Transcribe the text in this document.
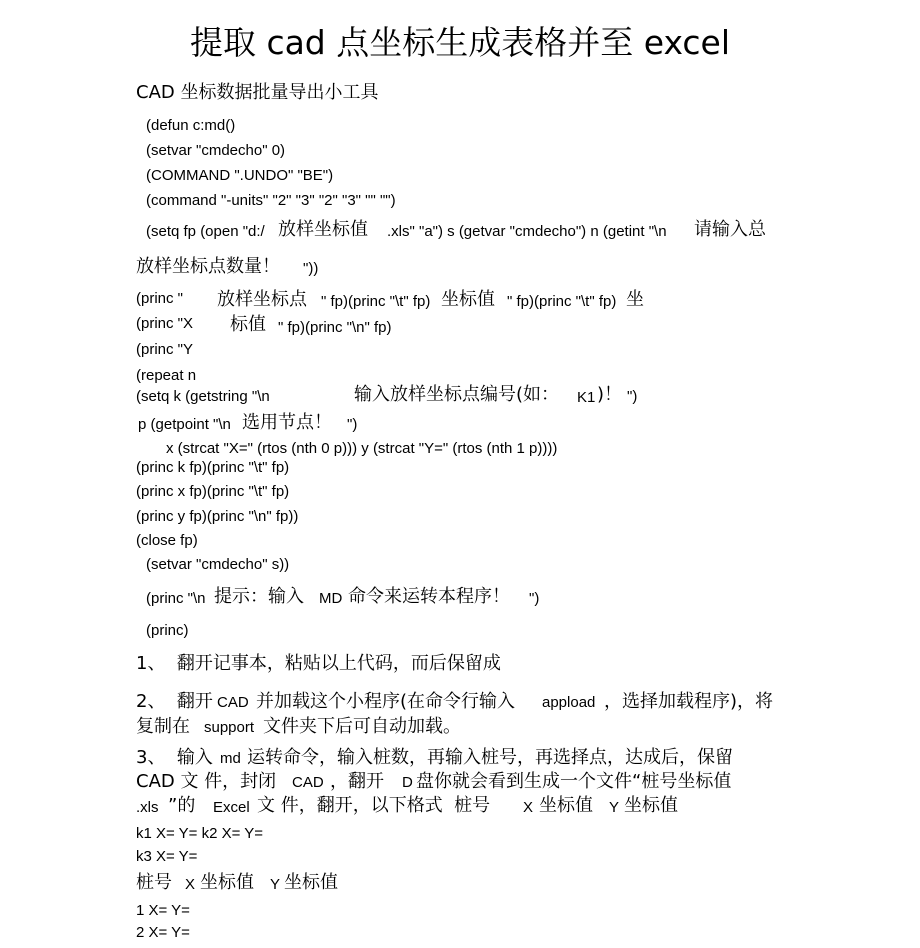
提取 cad 点坐标生成表格并至 excel
CAD 坐标数据批量导出小工具
(defun c:md()
(setvar "cmdecho" 0)
(COMMAND ".UNDO" "BE")
(command "-units" "2" "3" "2" "3" "" "")
(setq fp (open "d:/ 放样坐标值 .xls" "a") s (getvar "cmdecho") n (getint "\n 请输入总
放样坐标点数量！ "))
(princ " 放样坐标点 " fp)(princ "\t" fp) 坐标值 " fp)(princ "\t" fp) 坐
(princ "X 标值 " fp)(princ "\n" fp)
(princ "Y
(repeat n
(setq k (getstring "\n	输入放样坐标点编号(如： K1 )！ ")
p (getpoint "\n 选用节点！ ")
x (strcat "X=" (rtos (nth 0 p))) y (strcat "Y=" (rtos (nth 1 p))))
(princ k fp)(princ "\t" fp)
(princ x fp)(princ "\t" fp)
(princ y fp)(princ "\n" fp))
(close fp)
(setvar "cmdecho" s))
(princ "\n 提示：输入 MD 命令来运转本程序！ ")
(princ)
1、  翻开记事本，粘贴以上代码，而后保留成
2、  翻开 CAD 并加载这个小程序(在命令行输入 appload ，选择加载程序)，将
复制在 support 文件夹下后可自动加载。
3、  输入 md 运转命令，输入桩数，再输入桩号，再选择点，达成后，保留
CAD 文 件，封闭 CAD ，翻开 D 盘你就会看到生成一个文件“桩号坐标值
.xls ”的 Excel 文 件，翻开，以下格式  桩号 X 坐标值 Y 坐标值
k1 X= Y= k2 X= Y=
k3 X= Y=
桩号 X 坐标值 Y 坐标值
1 X= Y=
2 X= Y=
